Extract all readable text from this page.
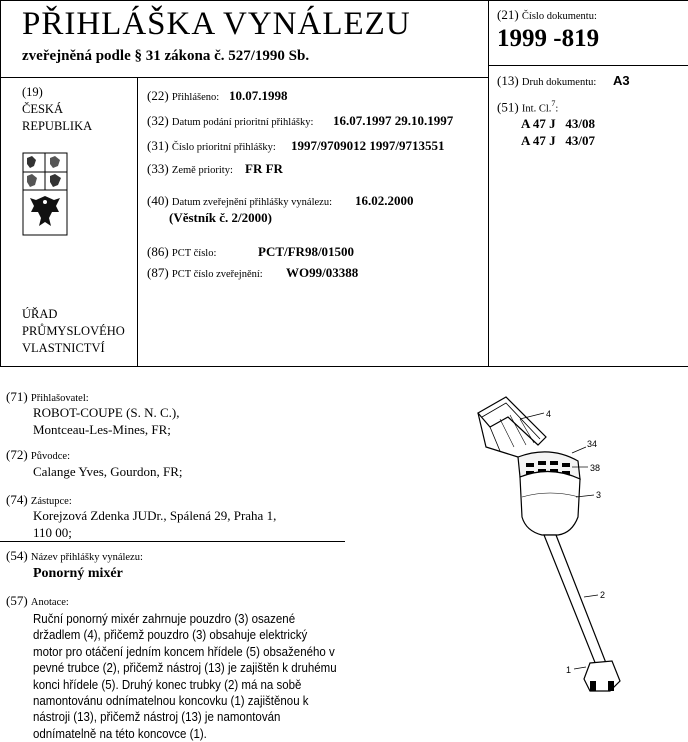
PŘIHLÁŠKA VYNÁLEZU
zveřejněná podle § 31 zákona č. 527/1990 Sb.
(21) Číslo dokumentu:
1999 -819
(13) Druh dokumentu: A3
(51) Int. Cl.$^7$:
A 47 J   43/08
A 47 J   43/07
(19)
ČESKÁ
REPUBLIKA
ÚŘAD
PRŮMYSLOVÉHO
VLASTNICTVÍ
(22) Přihlášeno: 10.07.1998
(32) Datum podání prioritní přihlášky: 16.07.1997 29.10.1997
(31) Číslo prioritní přihlášky: 1997/9709012 1997/9713551
(33) Země priority: FR FR
(40) Datum zveřejnění přihlášky vynálezu: 16.02.2000
(Věstník č. 2/2000)
(86) PCT číslo:	PCT/FR98/01500
(87) PCT číslo zveřejnění: WO99/03388
(71) Přihlašovatel:
ROBOT-COUPE (S. N. C.),
Montceau-Les-Mines, FR;
(72) Původce:
Calange Yves, Gourdon, FR;
(74) Zástupce:
Korejzová Zdenka JUDr., Spálená 29, Praha 1,
110 00;
(54) Název přihlášky vynálezu:
Ponorný mixér
(57) Anotace:
Ruční ponorný mixér zahrnuje pouzdro (3) osazené držadlem (4), přičemž pouzdro (3) obsahuje elektrický motor pro otáčení jedním koncem hřídele (5) obsaženého v pevné trubce (2), přičemž nástroj (13) je zajištěn k druhému konci hřídele (5). Druhý konec trubky (2) má na sobě namontovánu odnímatelnou koncovku (1) zajištěnou k nástroji (13), přičemž nástroj (13) je namontován odnímatelně na této koncovce (1).
4
34
38
3
2
1
